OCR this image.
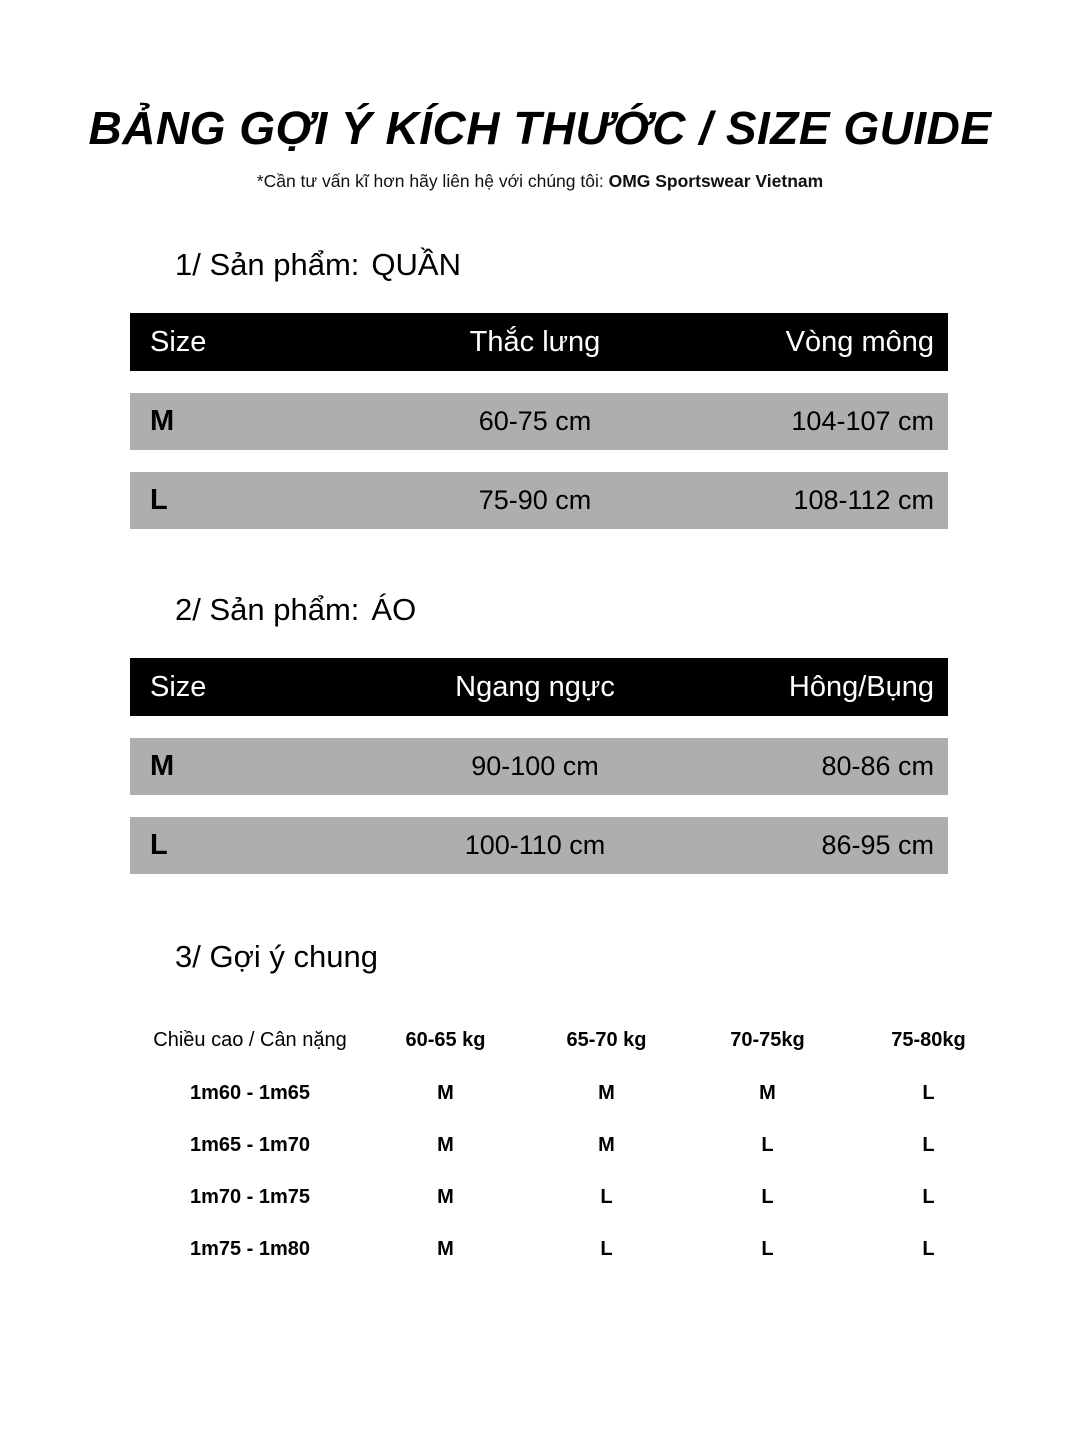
BẢNG GỢI Ý KÍCH THƯỚC / SIZE GUIDE

*Cần tư vấn kĩ hơn hãy liên hệ với chúng tôi: OMG Sportswear Vietnam

1/ Sản phẩm: QUẦN
Size	Thắc lưng	Vòng mông
M	60-75 cm	104-107 cm
L	75-90 cm	108-112 cm
2/ Sản phẩm: ÁO
Size	Ngang ngực	Hông/Bụng
M	90-100 cm	80-86 cm
L	100-110 cm	86-95 cm
3/ Gợi ý chung
Chiều cao / Cân nặng	60-65 kg	65-70 kg	70-75kg	75-80kg
1m60 - 1m65	M	M	M	L
1m65 - 1m70	M	M	L	L
1m70 - 1m75	M	L	L	L
1m75 - 1m80	M	L	L	L
